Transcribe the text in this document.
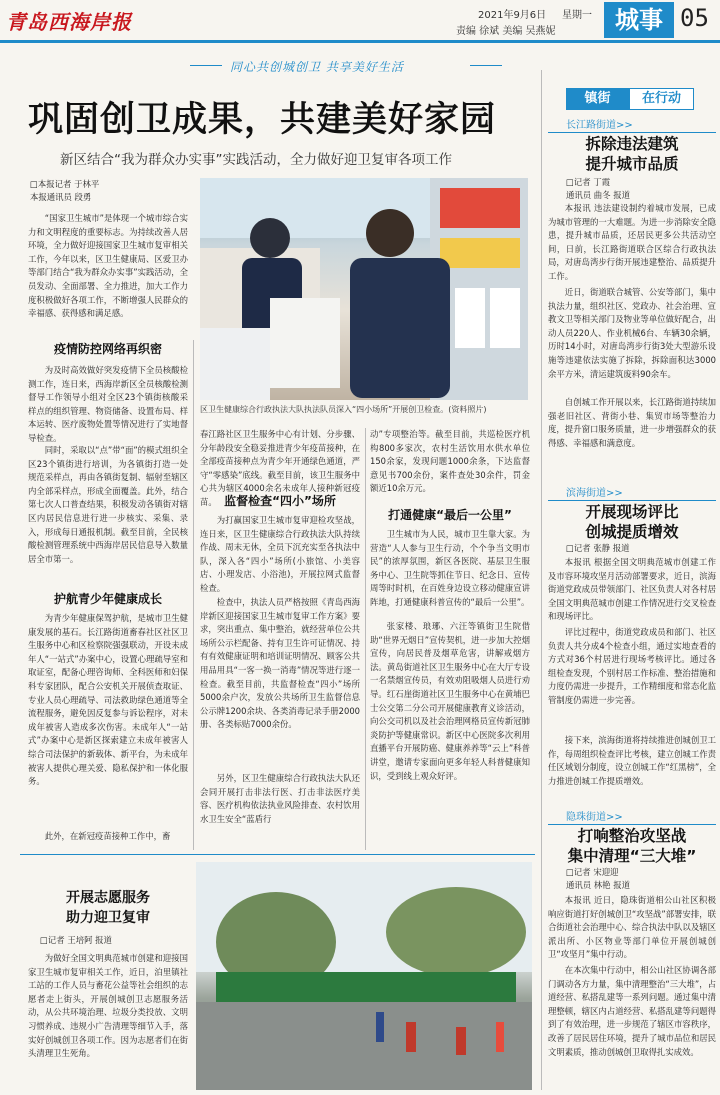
青岛西海岸报	2021年9月6日 星期一
责编 徐斌 美编 吴燕妮	城事 05
同心共创城创卫 共享美好生活
巩固创卫成果，共建美好家园
新区结合“我为群众办实事”实践活动，全力做好迎卫复审各项工作
□本报记者 于林平
本报通讯员 段勇
“国家卫生城市”是体现一个城市综合实力和文明程度的重要标志。为持续改善人居环境，全力做好迎接国家卫生城市复审相关工作，今年以来，区卫生健康局、区爱卫办等部门结合“我为群众办实事”实践活动，全员发动、全面部署、全力推进，加大工作力度积极做好各项工作，不断增强人民群众的幸福感、获得感和满足感。
区卫生健康综合行政执法大队执法队员深入“四小场所”开展创卫检查。(资料照片)
疫情防控网络再织密
为及时高效做好突发疫情下全员核酸检测工作，连日来，西海岸新区全员核酸检测督导工作领导小组对全区23个镇街核酸采样点的组织管理、物资储备、设置布局、样本运转、医疗废物处置等情况进行了实地督导检查。
同时，采取以“点”带“面”的模式组织全区23个镇街进行培训，为各镇街打造一处规范采样点，再由各镇街复制、辐射至辖区内全部采样点，形成全面覆盖。此外，结合第七次人口普查结果，积极发动各镇街对辖区内居民信息进行进一步核实、采集、录入，形成每日通报机制。截至目前，全民核酸检测管理系统中西海岸居民信息导入数量居全市第一。
护航青少年健康成长
为青少年健康保驾护航，是城市卫生健康发展的基石。长江路街道畜春社区社区卫生服务中心和区检察院强强联动，开设未成年人“一站式”办案中心，设置心理疏导室和取证室，配备心理咨询师、全科医师和妇保科专家团队，配合公安机关开展侦查取证、专业人员心理疏导、司法救助绿色通道等全流程服务，避免因反复参与诉讼程序，对未成年被害人造成多次伤害。未成年人“一站式”办案中心是新区探索建立未成年被害人综合司法保护的新载体、新平台，为未成年被害人提供心理关爱、隐私保护和一体化服务。
此外，在新冠疫苗接种工作中，畜
春江路社区卫生服务中心有计划、分步骤、分年龄段安全稳妥推进青少年疫苗接种，在全部疫苗接种点为青少年开通绿色通道，严守“零感染”底线。截至目前，该卫生服务中心共为辖区4000余名未成年人接种新冠疫苗。 监督检查“四小”场所
为打赢国家卫生城市复审迎检攻坚战，连日来，区卫生健康综合行政执法大队持续作战、周末无休，全员下沉充实至各执法中队，深入各“四小”场所(小旅馆、小美容店、小理发店、小浴池)，开展拉网式监督检查。
检查中，执法人员严格按照《青岛西海岸新区迎接国家卫生城市复审工作方案》要求，突出重点、集中整治，就经营单位公共场所公示栏配备、持有卫生许可证情况、持有有效健康证明和培训证明情况、顾客公共用品用具“一客一换一消毒”情况等进行逐一检查。截至目前，共监督检查“四小”场所5000余户次，发放公共场所卫生监督信息公示牌1200余块、各类消毒记录手册2000册、各类标贴7000余份。
另外，区卫生健康综合行政执法大队还会同开展打击非法行医、打击非法医疗美容、医疗机构依法执业风险排查、农村饮用水卫生安全“蓝盾行
动”专项整治等。截至目前，共巡检医疗机构800多家次，农村生活饮用水供水单位150余家，发现问题1000余条，下达监督意见书700余份，案件查处30余件，罚金额近10余万元。
打通健康“最后一公里”
卫生城市为人民，城市卫生靠大家。为营造“人人参与卫生行动，个个争当文明市民”的浓厚氛围，新区各医院、基层卫生服务中心、卫生院等抓住节日、纪念日、宣传周等时时机，在百姓身边设立移动健康宣讲阵地，打通健康科普宣传的“最后一公里”。
张家楼、琅琊、六汪等镇街卫生院借助“世界无烟日”宣传契机，进一步加大控烟宣传，向居民普及烟草危害，讲解戒烟方法。黄岛街道社区卫生服务中心在大厅专设一名禁烟宣传员，有效劝阻吸烟人员进行劝导。红石崖街道社区卫生服务中心在黄埔巴士公交第二分公司开展健康教育义诊活动，向公交司机以及社会治理网格员宣传新冠肺炎防护等健康常识。新区中心医院多次利用直播平台开展防癌、健康养养等“云上”科普讲堂，邀请专家面向更多年轻人科普健康知识，受到线上观众好评。
开展志愿服务
助力迎卫复审
□记者 王培阿 报道
为做好全国文明典范城市创建和迎接国家卫生城市复审相关工作，近日，泊里镇社工站的工作人员与畜花公益等社会组织的志愿者走上街头，开展创城创卫志愿服务活动，从公共环境治理、垃圾分类投放、文明习惯养成、违规小广告清理等细节入手，落实好创城创卫各项工作。因为志愿者们在街头清理卫生死角。
镇街	在行动
长江路街道>>
拆除违法建筑
提升城市品质
□记者 丁霞
通讯员 曲冬 报道
本报讯 违法建设制约着城市发展，已成为城市管理的一大难题。为进一步消除安全隐患，提升城市品质，还居民更多公共活动空间，日前，长江路街道联合区综合行政执法局，对唐岛湾步行街开展违建整治、品质提升工作。
近日，街道联合城管、公安等部门，集中执法力量，组织社区、党政办、社会治理、宣教文卫等相关部门及物业等单位做好配合，出动人员220人、作业机械6台、车辆30余辆，历时14小时，对唐岛湾步行街3处大型游乐设施等违建依法实施了拆除，拆除面积达3000余平方米，清运建筑废料90余车。
自创城工作开展以来，长江路街道持续加强老旧社区、背街小巷、集贸市场等整治力度，提升窗口服务质量，进一步增强群众的获得感、幸福感和满意度。
滨海街道>>
开展现场评比
创城提质增效
□记者 张静 报道
本报讯 根据全国文明典范城市创建工作及市容环境攻坚月活动部署要求，近日，滨海街道党政成员带领部门、社区负责人对各村居全国文明典范城市创建工作情况进行交叉检查和现场评比。
评比过程中，街道党政成员和部门、社区负责人共分成4个检查小组，通过实地查看的方式对36个村居进行现场考核评比。通过各组检查发现，个别村居工作标准、整治措施和力度仍需进一步提升，工作精细度和常态化监管制度仍需进一步完善。
接下来，滨海街道将持续推进创城创卫工作，每周组织检查评比考核，建立创城工作责任区域划分制度，设立创城工作“红黑榜”，全力推进创城工作提质增效。
隐珠街道>>
打响整治攻坚战
集中清理“三大堆”
□记者 宋迎迎
通讯员 林艳 报道
本报讯 近日，隐珠街道相公山社区积极响应街道打好创城创卫“攻坚战”部署安排，联合街道社会治理中心、综合执法中队以及辖区派出所、小区物业等部门单位开展创城创卫“攻坚月”集中行动。
在本次集中行动中，相公山社区协调各部门调动各方力量，集中清理整治“三大堆”，占道经营、私搭乱建等一系列问题。通过集中清理整顿，辖区内占道经营、私搭乱建等问题得到了有效治理，进一步规范了辖区市容秩序，改善了居民居住环境，提升了城市品位和居民文明素质，推动创城创卫取得扎实成效。
